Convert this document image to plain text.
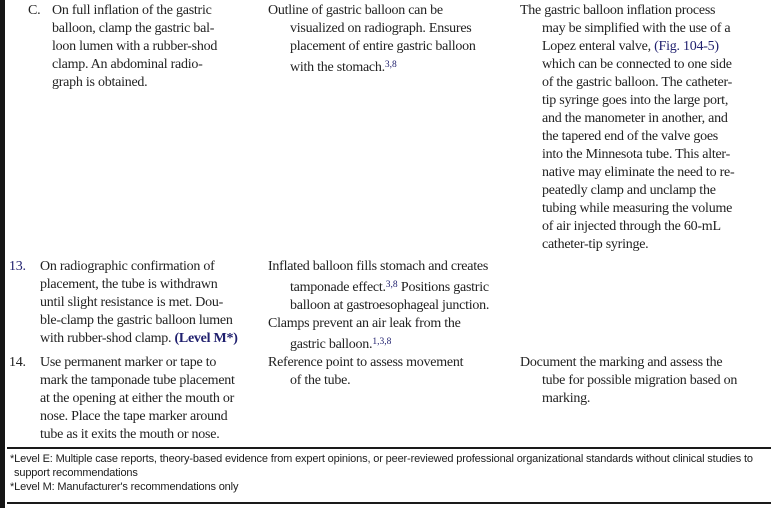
C. On full inflation of the gastric
balloon, clamp the gastric bal-
loon lumen with a rubber-shod
clamp. An abdominal radio-
graph is obtained.
Outline of gastric balloon can be
visualized on radiograph. Ensures
placement of entire gastric balloon
with the stomach.$^{3,8}$
The gastric balloon inflation process
may be simplified with the use of a
Lopez enteral valve, (Fig. 104-5)
which can be connected to one side
of the gastric balloon. The catheter-
tip syringe goes into the large port,
and the manometer in another, and
the tapered end of the valve goes
into the Minnesota tube. This alter-
native may eliminate the need to re-
peatedly clamp and unclamp the
tubing while measuring the volume
of air injected through the 60-mL
catheter-tip syringe.
13.	On radiographic confirmation of
placement, the tube is withdrawn
until slight resistance is met. Dou-
ble-clamp the gastric balloon lumen
with rubber-shod clamp. (Level M*)
Inflated balloon fills stomach and creates
tamponade effect.$^{3,8}$ Positions gastric
balloon at gastroesophageal junction.
Clamps prevent an air leak from the
gastric balloon.$^{1,3,8}$
14.	Use permanent marker or tape to
mark the tamponade tube placement
at the opening at either the mouth or
nose. Place the tape marker around
tube as it exits the mouth or nose.
Reference point to assess movement
of the tube.
Document the marking and assess the
tube for possible migration based on
marking.
*Level E: Multiple case reports, theory-based evidence from expert opinions, or peer-reviewed professional organizational standards without clinical studies to
support recommendations
*Level M: Manufacturer's recommendations only
